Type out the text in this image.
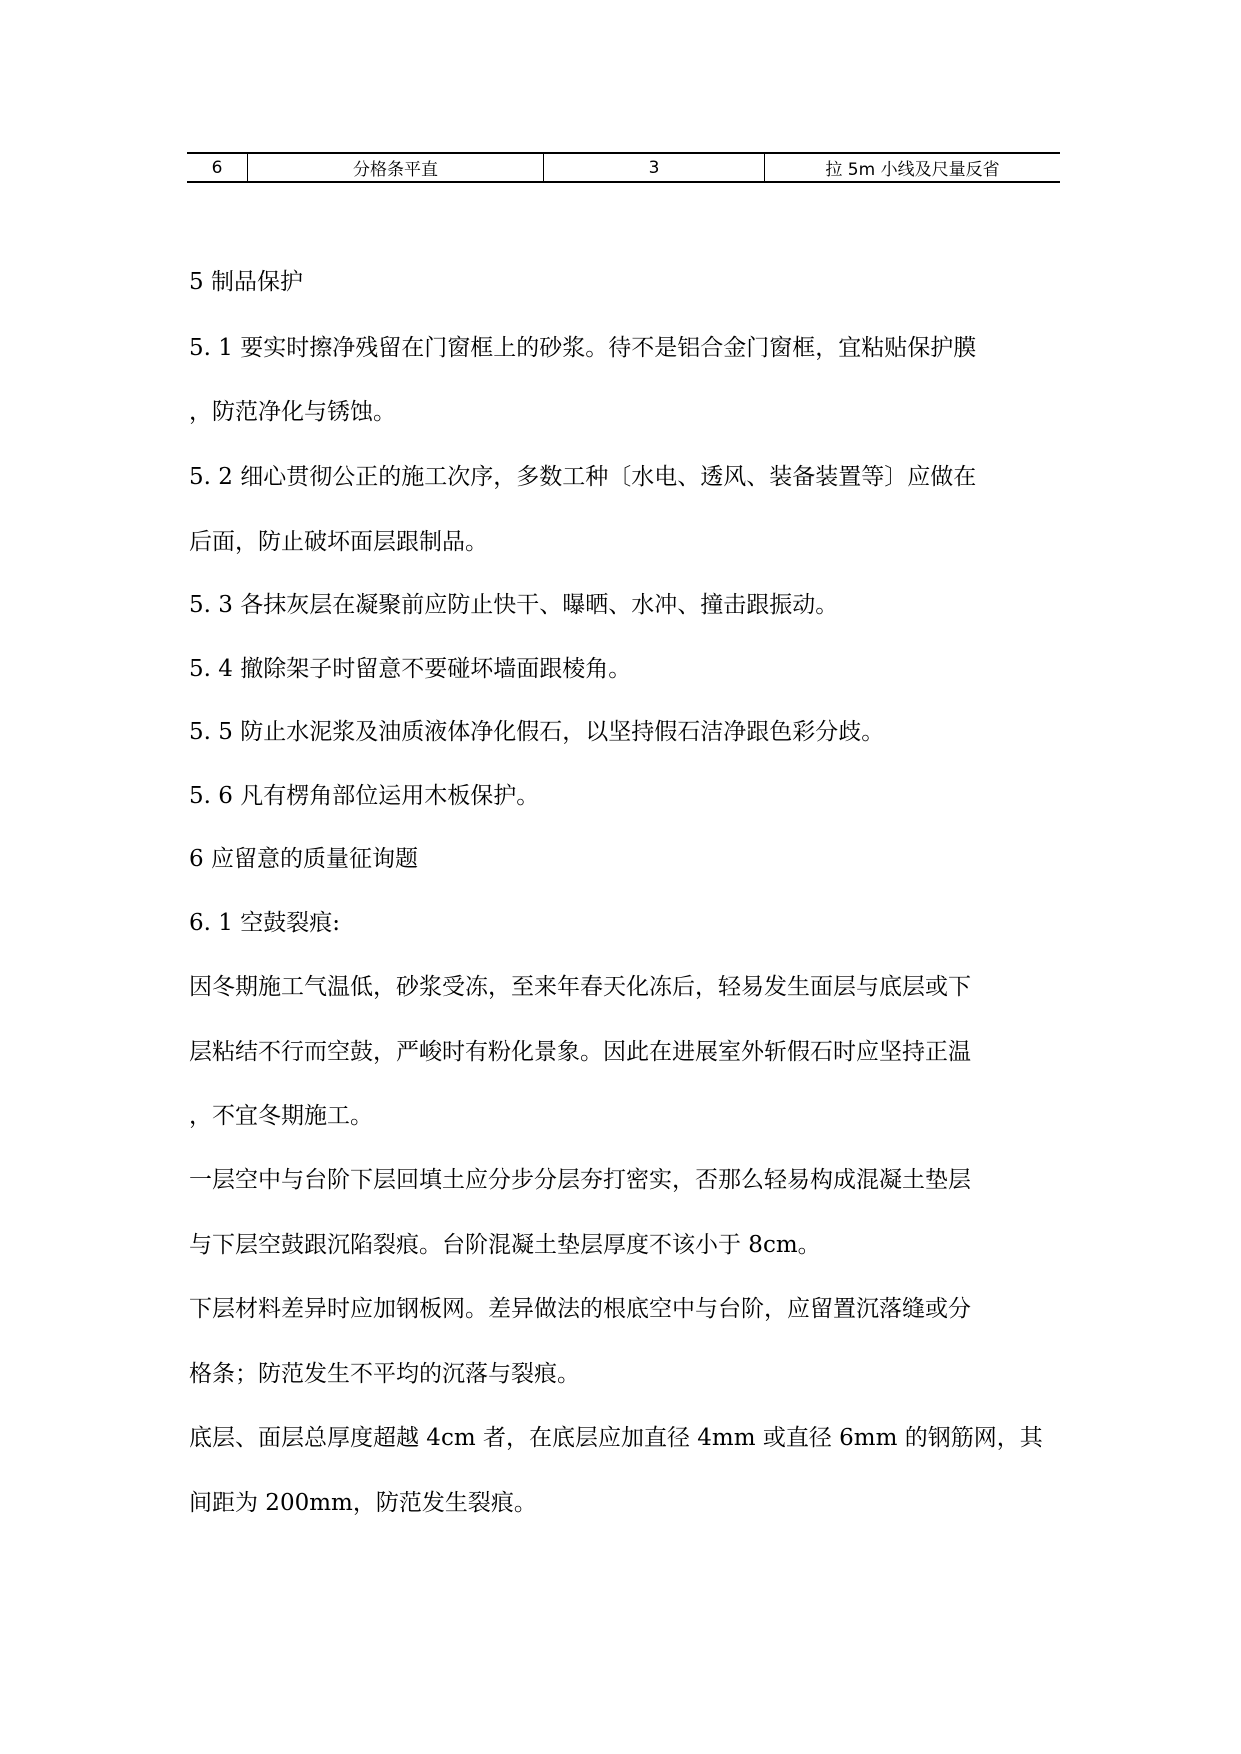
6	分格条平直	3	拉 5m 小线及尺量反省
5 制品保护
5. 1 要实时擦净残留在门窗框上的砂浆。待不是铝合金门窗框，宜粘贴保护膜
，防范净化与锈蚀。
5. 2 细心贯彻公正的施工次序，多数工种〔水电、透风、装备装置等〕应做在
后面，防止破坏面层跟制品。
5. 3 各抹灰层在凝聚前应防止快干、曝晒、水冲、撞击跟振动。
5. 4 撤除架子时留意不要碰坏墙面跟棱角。
5. 5 防止水泥浆及油质液体净化假石，以坚持假石洁净跟色彩分歧。
5. 6 凡有楞角部位运用木板保护。
6 应留意的质量征询题
6. 1 空鼓裂痕:
因冬期施工气温低，砂浆受冻，至来年春天化冻后，轻易发生面层与底层或下
层粘结不行而空鼓，严峻时有粉化景象。因此在进展室外斩假石时应坚持正温
，不宜冬期施工。
一层空中与台阶下层回填土应分步分层夯打密实，否那么轻易构成混凝土垫层
与下层空鼓跟沉陷裂痕。台阶混凝土垫层厚度不该小于 8cm。
下层材料差异时应加钢板网。差异做法的根底空中与台阶，应留置沉落缝或分
格条；防范发生不平均的沉落与裂痕。
底层、面层总厚度超越 4cm 者，在底层应加直径 4mm 或直径 6mm 的钢筋网，其
间距为 200mm，防范发生裂痕。
